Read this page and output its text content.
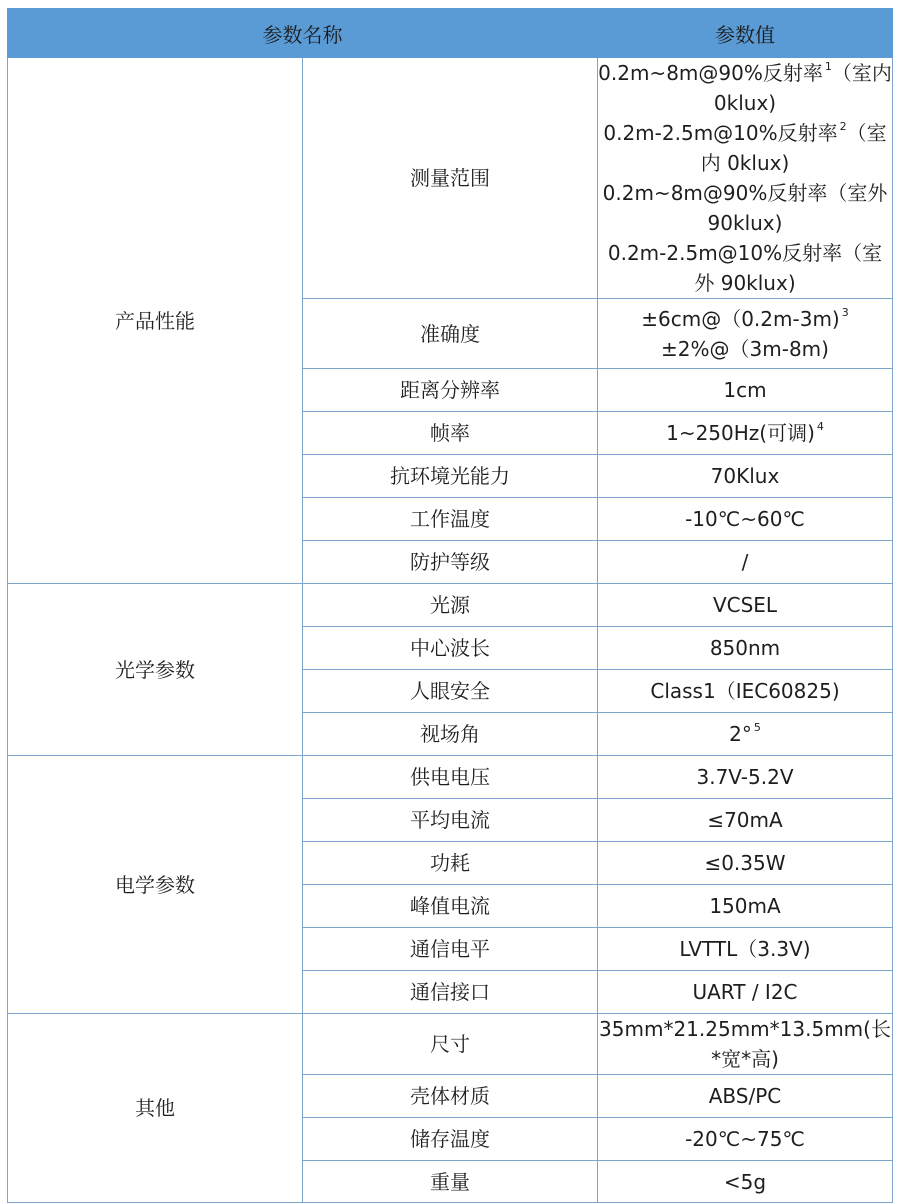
参数名称		参数值
产品性能	测量范围	0.2m~8m@90%反射率 $^1$（室内 0klux)
0.2m-2.5m@10%反射率 $^2$（室内 0klux)
0.2m~8m@90%反射率（室外 90klux)
0.2m-2.5m@10%反射率（室外 90klux)

	准确度	±6cm@（0.2m-3m) $^3$
±2%@（3m-8m)

	距离分辨率	1cm

	帧率	1~250Hz(可调) $^4$

	抗环境光能力	70Klux

	工作温度	-10℃~60℃

	防护等级	/

光学参数	光源	VCSEL

	中心波长	850nm

	人眼安全	Class1（IEC60825)

	视场角	2° $^5$

电学参数	供电电压	3.7V-5.2V

	平均电流	≤70mA

	功耗	≤0.35W

	峰值电流	150mA

	通信电平	LVTTL（3.3V)

	通信接口	UART / I2C

其他	尺寸	35mm*21.25mm*13.5mm(长*宽*高)

	壳体材质	ABS/PC

	储存温度	-20℃~75℃

	重量	<5g
